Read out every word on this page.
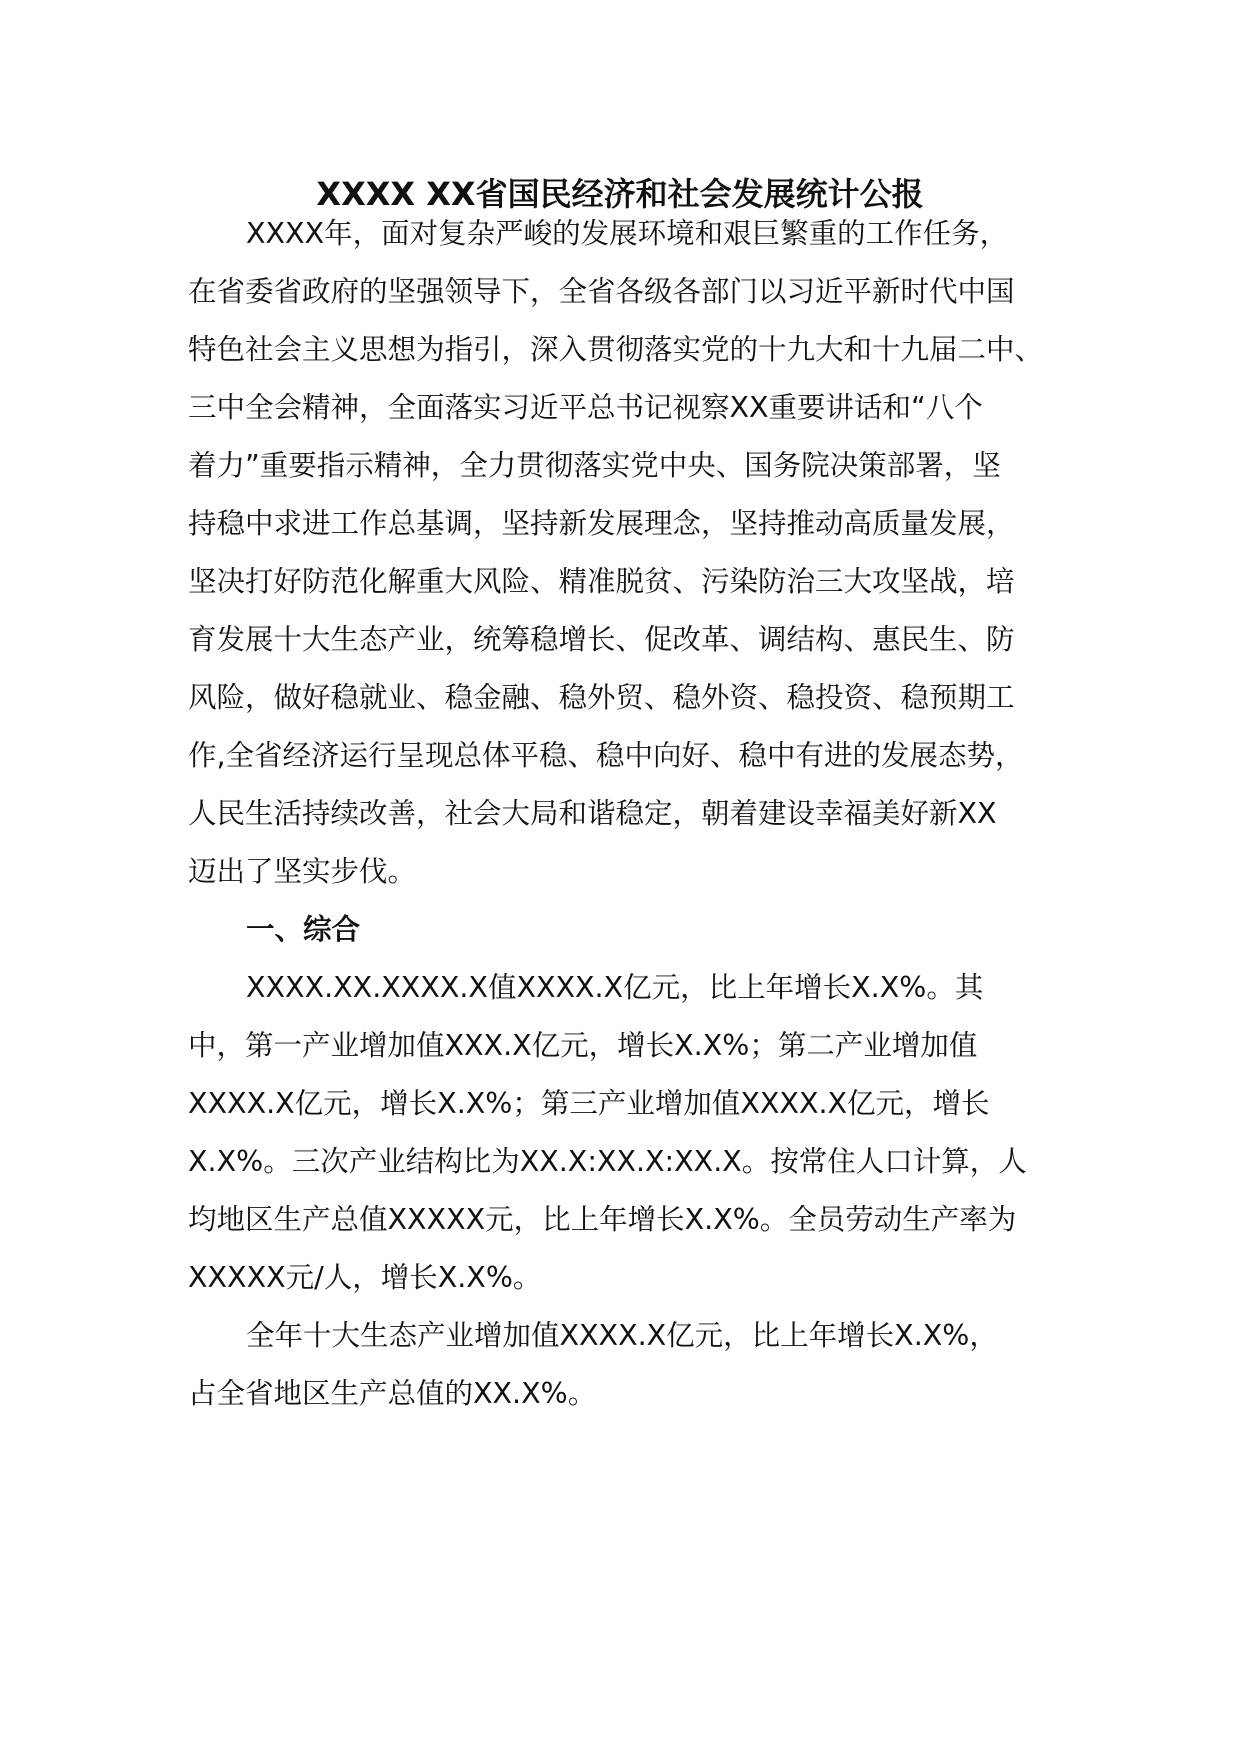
XXXX XX省国民经济和社会发展统计公报
XXXX年，面对复杂严峻的发展环境和艰巨繁重的工作任务，
在省委省政府的坚强领导下，全省各级各部门以习近平新时代中国
特色社会主义思想为指引，深入贯彻落实党的十九大和十九届二中、
三中全会精神，全面落实习近平总书记视察XX重要讲话和“八个
着力”重要指示精神，全力贯彻落实党中央、国务院决策部署，坚
持稳中求进工作总基调，坚持新发展理念，坚持推动高质量发展，
坚决打好防范化解重大风险、精准脱贫、污染防治三大攻坚战，培
育发展十大生态产业，统筹稳增长、促改革、调结构、惠民生、防
风险，做好稳就业、稳金融、稳外贸、稳外资、稳投资、稳预期工
作,全省经济运行呈现总体平稳、稳中向好、稳中有进的发展态势，
人民生活持续改善，社会大局和谐稳定，朝着建设幸福美好新XX
迈出了坚实步伐。
一、综合
XXXX.XX.XXXX.X值XXXX.X亿元，比上年增长X.X%。其
中，第一产业增加值XXX.X亿元，增长X.X%；第二产业增加值
XXXX.X亿元，增长X.X%；第三产业增加值XXXX.X亿元，增长
X.X%。三次产业结构比为XX.X:XX.X:XX.X。按常住人口计算，人
均地区生产总值XXXXX元，比上年增长X.X%。全员劳动生产率为
XXXXX元/人，增长X.X%。
全年十大生态产业增加值XXXX.X亿元，比上年增长X.X%，
占全省地区生产总值的XX.X%。
